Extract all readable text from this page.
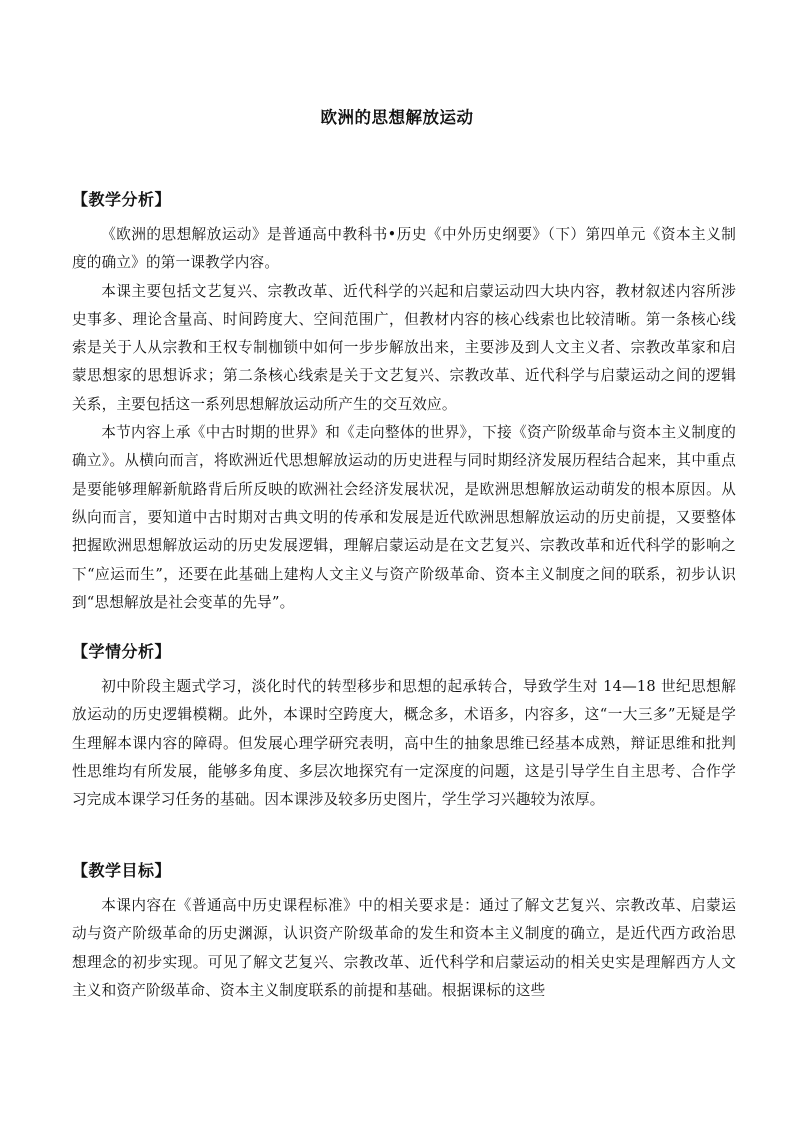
欧洲的思想解放运动
【教学分析】

《欧洲的思想解放运动》是普通高中教科书•历史《中外历史纲要》（下）第四单元《资本主义制度的确立》的第一课教学内容。

本课主要包括文艺复兴、宗教改革、近代科学的兴起和启蒙运动四大块内容，教材叙述内容所涉史事多、理论含量高、时间跨度大、空间范围广，但教材内容的核心线索也比较清晰。第一条核心线索是关于人从宗教和王权专制枷锁中如何一步步解放出来，主要涉及到人文主义者、宗教改革家和启蒙思想家的思想诉求；第二条核心线索是关于文艺复兴、宗教改革、近代科学与启蒙运动之间的逻辑关系，主要包括这一系列思想解放运动所产生的交互效应。

本节内容上承《中古时期的世界》和《走向整体的世界》，下接《资产阶级革命与资本主义制度的确立》。从横向而言，将欧洲近代思想解放运动的历史进程与同时期经济发展历程结合起来，其中重点是要能够理解新航路背后所反映的欧洲社会经济发展状况，是欧洲思想解放运动萌发的根本原因。从纵向而言，要知道中古时期对古典文明的传承和发展是近代欧洲思想解放运动的历史前提，又要整体把握欧洲思想解放运动的历史发展逻辑，理解启蒙运动是在文艺复兴、宗教改革和近代科学的影响之下“应运而生”，还要在此基础上建构人文主义与资产阶级革命、资本主义制度之间的联系，初步认识到“思想解放是社会变革的先导”。

【学情分析】

初中阶段主题式学习，淡化时代的转型移步和思想的起承转合，导致学生对 14—18 世纪思想解放运动的历史逻辑模糊。此外，本课时空跨度大，概念多，术语多，内容多，这“一大三多”无疑是学生理解本课内容的障碍。但发展心理学研究表明，高中生的抽象思维已经基本成熟，辩证思维和批判性思维均有所发展，能够多角度、多层次地探究有一定深度的问题，这是引导学生自主思考、合作学习完成本课学习任务的基础。因本课涉及较多历史图片，学生学习兴趣较为浓厚。

【教学目标】

本课内容在《普通高中历史课程标准》中的相关要求是：通过了解文艺复兴、宗教改革、启蒙运动与资产阶级革命的历史渊源，认识资产阶级革命的发生和资本主义制度的确立，是近代西方政治思想理念的初步实现。可见了解文艺复兴、宗教改革、近代科学和启蒙运动的相关史实是理解西方人文主义和资产阶级革命、资本主义制度联系的前提和基础。根据课标的这些
